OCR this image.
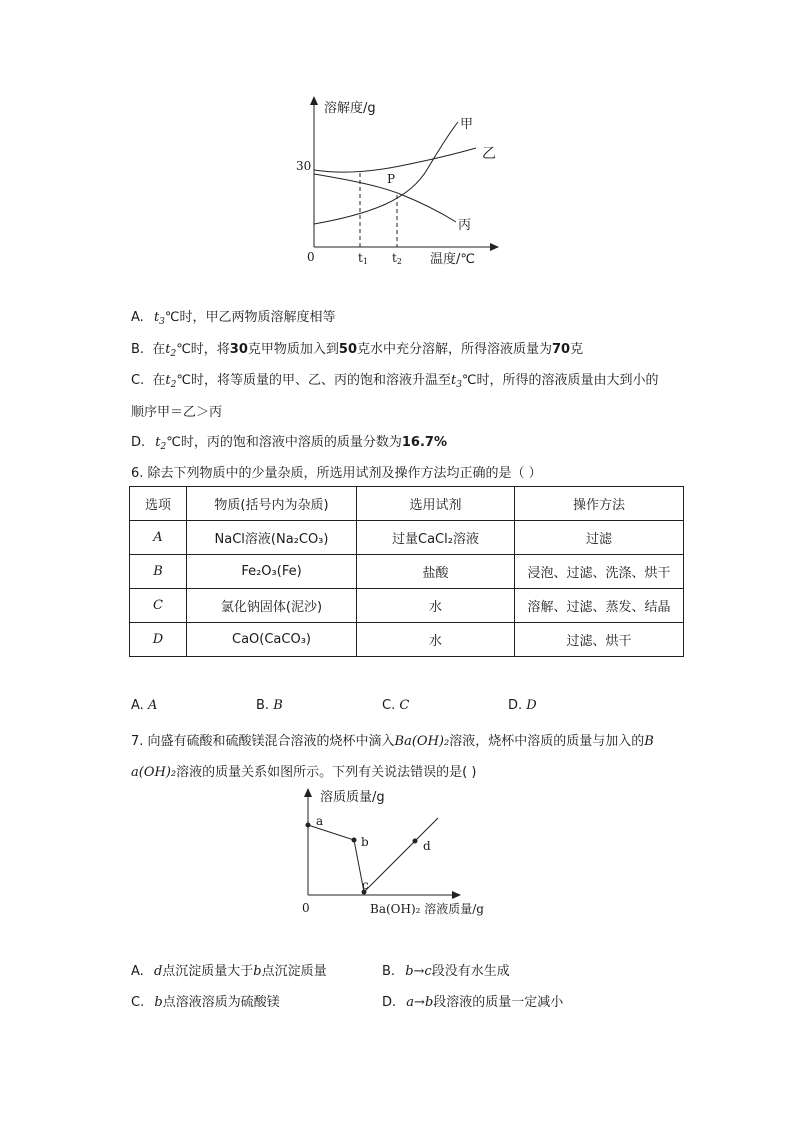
溶解度/g
30
0	t1 t2 温度/℃
P
甲
乙
丙
A. $t_3℃$时，甲乙两物质溶解度相等
B. 在$t_2℃$时，将30克甲物质加入到50克水中充分溶解，所得溶液质量为70克
C. 在$t_2℃$时，将等质量的甲、乙、丙的饱和溶液升温至$t_3℃$时，所得的溶液质量由大到小的
顺序甲＝乙＞丙
D. $t_2℃$时，丙的饱和溶液中溶质的质量分数为16.7%
6. 除去下列物质中的少量杂质，所选用试剂及操作方法均正确的是（ ）
选项	物质(括号内为杂质)	选用试剂	操作方法
A	NaCl溶液(Na₂CO₃)	过量CaCl₂溶液	过滤
B	Fe₂O₃(Fe)	盐酸	浸泡、过滤、洗涤、烘干
C	氯化钠固体(泥沙)	水	溶解、过滤、蒸发、结晶
D	CaO(CaCO₃)	水	过滤、烘干
A. A	B. B	C. C	D. D
7. 向盛有硫酸和硫酸镁混合溶液的烧杯中滴入Ba(OH)₂溶液，烧杯中溶质的质量与加入的B
a(OH)₂溶液的质量关系如图所示。下列有关说法错误的是( )
溶质质量/g
a
b
c
d
0	Ba(OH)₂ 溶液质量/g
A. d点沉淀质量大于b点沉淀质量	B. b→c段没有水生成
C. b点溶液溶质为硫酸镁	D. a→b段溶液的质量一定减小
